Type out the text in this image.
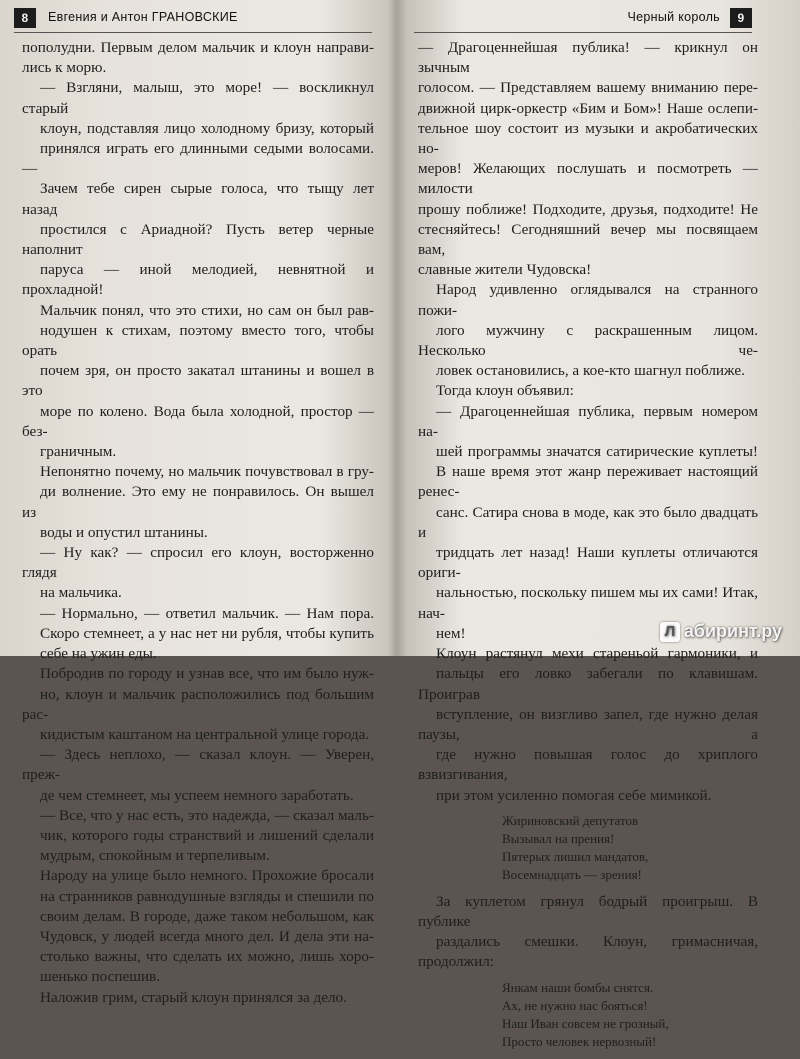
8	Евгения и Антон ГРАНОВСКИЕ
пополудни. Первым делом мальчик и клоун направи-
лись к морю.
— Взгляни, малыш, это море! — воскликнул старый
клоун, подставляя лицо холодному бризу, который
принялся играть его длинными седыми волосами. —
Зачем тебе сирен сырые голоса, что тыщу лет назад
простился с Ариадной? Пусть ветер черные наполнит
паруса — иной мелодией, невнятной и прохладной!
Мальчик понял, что это стихи, но сам он был рав-
нодушен к стихам, поэтому вместо того, чтобы орать
почем зря, он просто закатал штанины и вошел в это
море по колено. Вода была холодной, простор — без-
граничным.
Непонятно почему, но мальчик почувствовал в гру-
ди волнение. Это ему не понравилось. Он вышел из
воды и опустил штанины.
— Ну как? — спросил его клоун, восторженно глядя
на мальчика.
— Нормально, — ответил мальчик. — Нам пора.
Скоро стемнеет, а у нас нет ни рубля, чтобы купить
себе на ужин еды.
Побродив по городу и узнав все, что им было нуж-
но, клоун и мальчик расположились под большим рас-
кидистым каштаном на центральной улице города.
— Здесь неплохо, — сказал клоун. — Уверен, преж-
де чем стемнеет, мы успеем немного заработать.
— Все, что у нас есть, это надежда, — сказал маль-
чик, которого годы странствий и лишений сделали
мудрым, спокойным и терпеливым.
Народу на улице было немного. Прохожие бросали
на странников равнодушные взгляды и спешили по
своим делам. В городе, даже таком небольшом, как
Чудовск, у людей всегда много дел. И дела эти на-
столько важны, что сделать их можно, лишь хоро-
шенько поспешив.
Наложив грим, старый клоун принялся за дело.
Черный король	9
— Драгоценнейшая публика! — крикнул он зычным
голосом. — Представляем вашему вниманию пере-
движной цирк-оркестр «Бим и Бом»! Наше ослепи-
тельное шоу состоит из музыки и акробатических но-
меров! Желающих послушать и посмотреть — милости
прошу поближе! Подходите, друзья, подходите! Не
стесняйтесь! Сегодняшний вечер мы посвящаем вам,
славные жители Чудовска!
Народ удивленно оглядывался на странного пожи-
лого мужчину с раскрашенным лицом. Несколько че-
ловек остановились, а кое-кто шагнул поближе.
Тогда клоун объявил:
— Драгоценнейшая публика, первым номером на-
шей программы значатся сатирические куплеты!
В наше время этот жанр переживает настоящий ренес-
санс. Сатира снова в моде, как это было двадцать и
тридцать лет назад! Наши куплеты отличаются ориги-
нальностью, поскольку пишем мы их сами! Итак, нач-
нем!
Клоун растянул мехи стареньой гармоники, и
пальцы его ловко забегали по клавишам. Проиграв
вступление, он визгливо запел, где нужно делая паузы, а
где нужно повышая голос до хриплого взвизгивания,
при этом усиленно помогая себе мимикой.
Жириновский депутатов
Вызывал на прения!
Пятерых лишил мандатов,
Восемнадцать — зрения!
За куплетом грянул бодрый проигрыш. В публике
раздались смешки. Клоун, гримасничая, продолжил:
Янкам наши бомбы снятся.
Ах, не нужно нас бояться!
Наш Иван совсем не грозный,
Просто человек нервозный!
Л абиринт.ру
